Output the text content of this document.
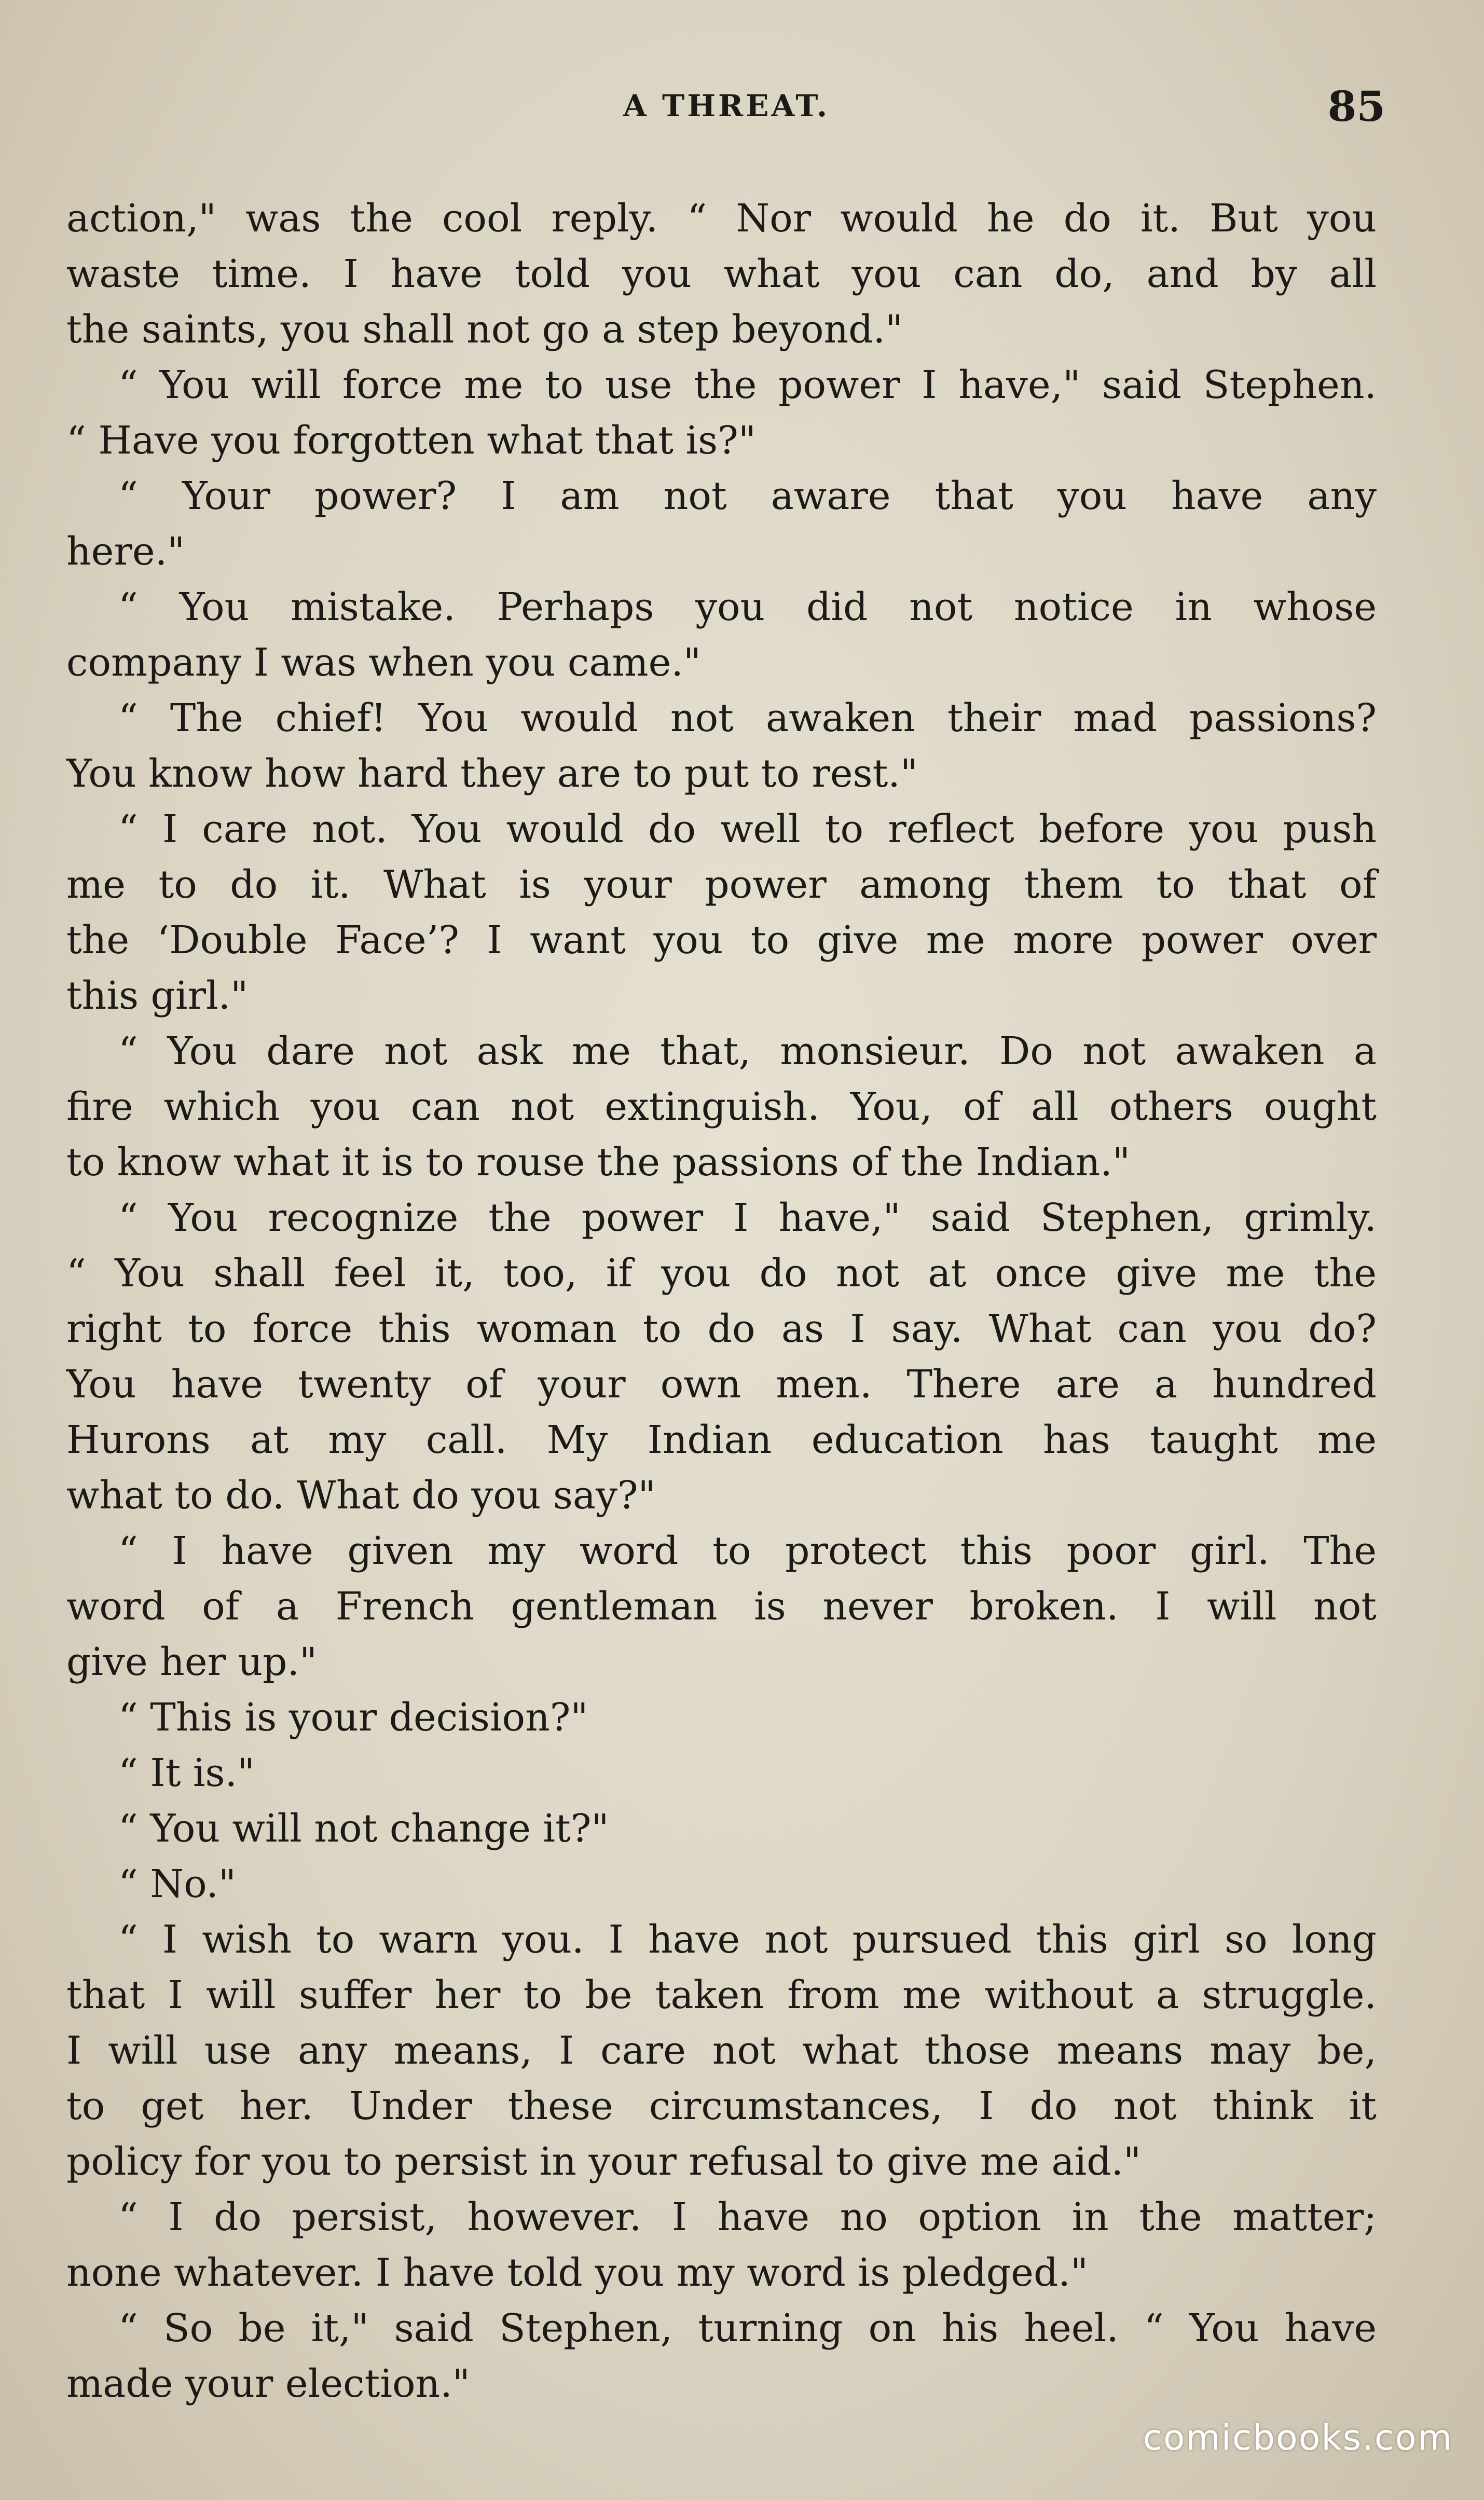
A THREAT.	85
action," was the cool reply. “ Nor would he do it. But you
waste time. I have told you what you can do, and by all
the saints, you shall not go a step beyond."
“ You will force me to use the power I have," said Stephen.
“ Have you forgotten what that is?"
“ Your power? I am not aware that you have any
here."
“ You mistake. Perhaps you did not notice in whose
company I was when you came."
“ The chief! You would not awaken their mad passions?
You know how hard they are to put to rest."
“ I care not. You would do well to reflect before you push
me to do it. What is your power among them to that of
the ‘Double Face’? I want you to give me more power over
this girl."
“ You dare not ask me that, monsieur. Do not awaken a
fire which you can not extinguish. You, of all others ought
to know what it is to rouse the passions of the Indian."
“ You recognize the power I have," said Stephen, grimly.
“ You shall feel it, too, if you do not at once give me the
right to force this woman to do as I say. What can you do?
You have twenty of your own men. There are a hundred
Hurons at my call. My Indian education has taught me
what to do. What do you say?"
“ I have given my word to protect this poor girl. The
word of a French gentleman is never broken. I will not
give her up."
“ This is your decision?"
“ It is."
“ You will not change it?"
“ No."
“ I wish to warn you. I have not pursued this girl so long
that I will suffer her to be taken from me without a struggle.
I will use any means, I care not what those means may be,
to get her. Under these circumstances, I do not think it
policy for you to persist in your refusal to give me aid."
“ I do persist, however. I have no option in the matter;
none whatever. I have told you my word is pledged."
“ So be it," said Stephen, turning on his heel. “ You have
made your election."
comicbooks.com
